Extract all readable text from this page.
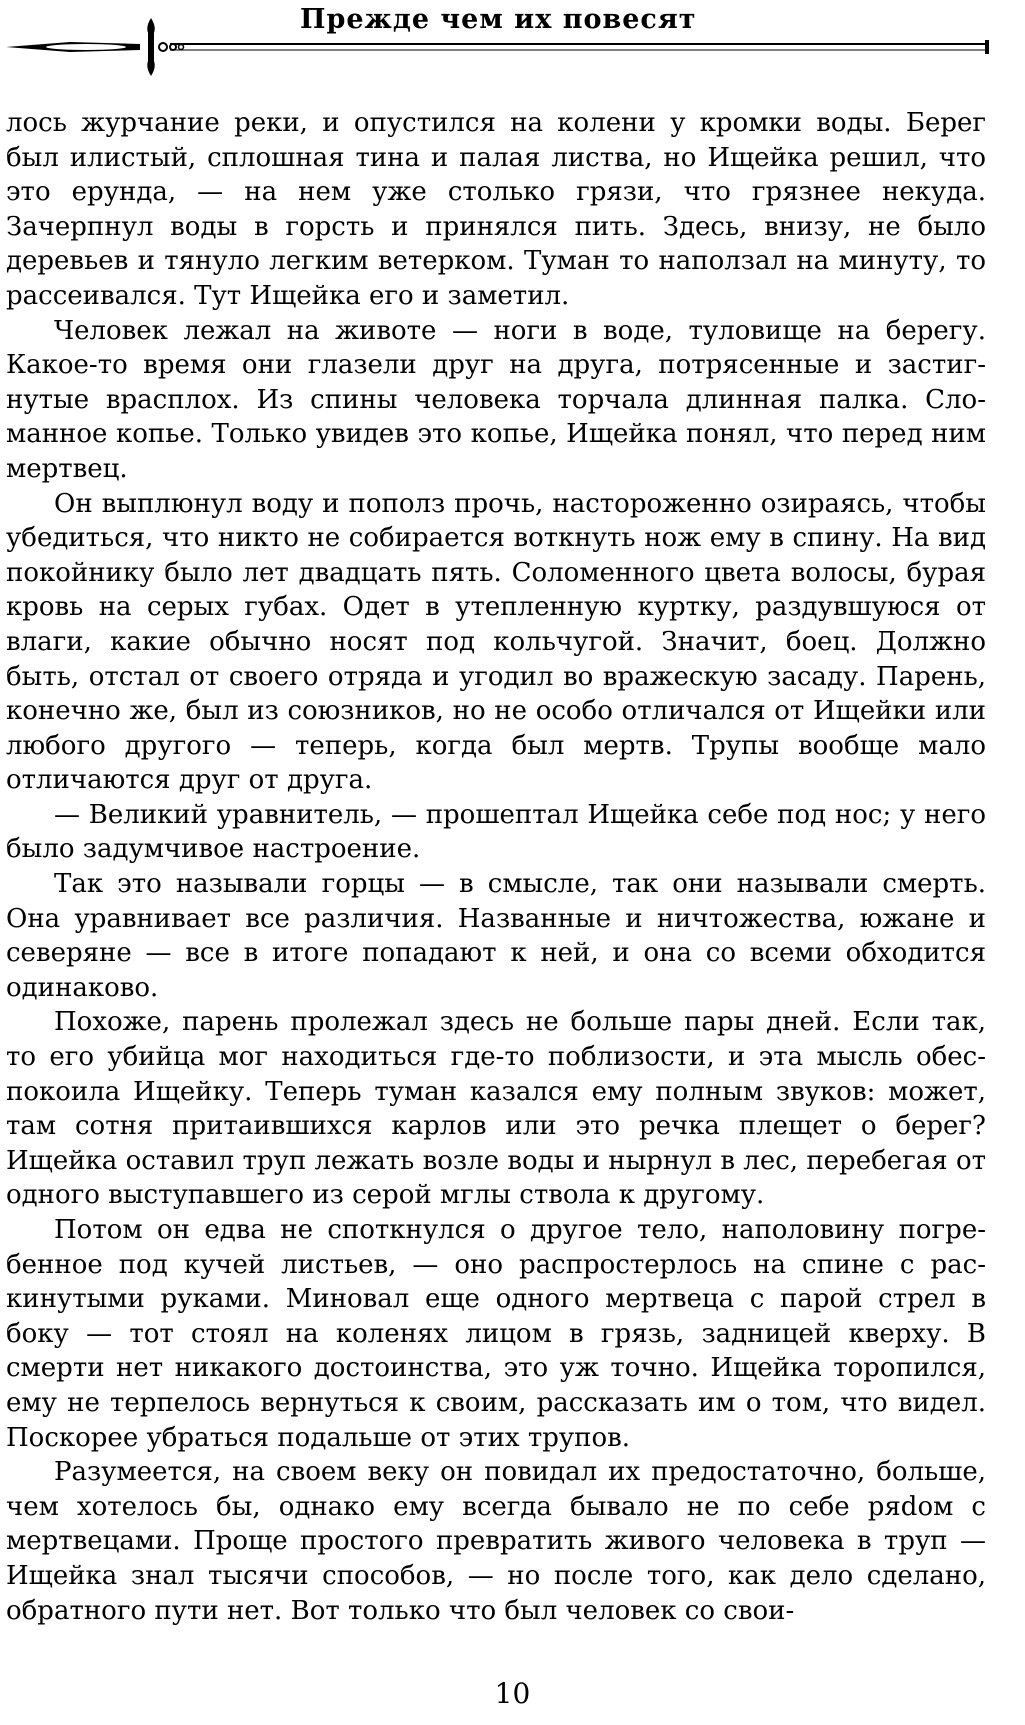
Прежде чем их повесят

лось журчание реки, и опустился на колени у кромки воды. Берег был илистый, сплошная тина и палая листва, но Ищейка решил, что это ерунда, — на нем уже столько грязи, что грязнее некуда. Зачерпнул воды в горсть и принялся пить. Здесь, внизу, не было деревьев и тянуло легким ветерком. Туман то наползал на минуту, то рассеивался. Тут Ищейка его и заметил.

Человек лежал на животе — ноги в воде, туловище на берегу. Какое-то время они глазели друг на друга, потрясенные и застигнутые врасплох. Из спины человека торчала длинная палка. Сломанное копье. Только увидев это копье, Ищейка понял, что перед ним мертвец.

Он выплюнул воду и пополз прочь, настороженно озираясь, чтобы убедиться, что никто не собирается воткнуть нож ему в спину. На вид покойнику было лет двадцать пять. Соломенного цвета волосы, бурая кровь на серых губах. Одет в утепленную куртку, раздувшуюся от влаги, какие обычно носят под кольчугой. Значит, боец. Должно быть, отстал от своего отряда и угодил во вражескую засаду. Парень, конечно же, был из союзников, но не особо отличался от Ищейки или любого другого — теперь, когда был мертв. Трупы вообще мало отличаются друг от друга.

— Великий уравнитель, — прошептал Ищейка себе под нос; у него было задумчивое настроение.

Так это называли горцы — в смысле, так они называли смерть. Она уравнивает все различия. Названные и ничтожества, южане и северяне — все в итоге попадают к ней, и она со всеми обходится одинаково.

Похоже, парень пролежал здесь не больше пары дней. Если так, то его убийца мог находиться где-то поблизости, и эта мысль обеспокоила Ищейку. Теперь туман казался ему полным звуков: может, там сотня притаившихся карлов или это речка плещет о берег? Ищейка оставил труп лежать возле воды и нырнул в лес, перебегая от одного выступавшего из серой мглы ствола к другому.

Потом он едва не споткнулся о другое тело, наполовину погребенное под кучей листьев, — оно распростерлось на спине с раскинутыми руками. Миновал еще одного мертвеца с парой стрел в боку — тот стоял на коленях лицом в грязь, задницей кверху. В смерти нет никакого достоинства, это уж точно. Ищейка торопился, ему не терпелось вернуться к своим, рассказать им о том, что видел. Поскорее убраться подальше от этих трупов.

Разумеется, на своем веку он повидал их предостаточно, больше, чем хотелось бы, однако ему всегда бывало не по себе ряdом с мертвецами. Проще простого превратить живого человека в труп — Ищейка знал тысячи способов, — но после того, как дело сделано, обратного пути нет. Вот только что был человек со свои-

10
